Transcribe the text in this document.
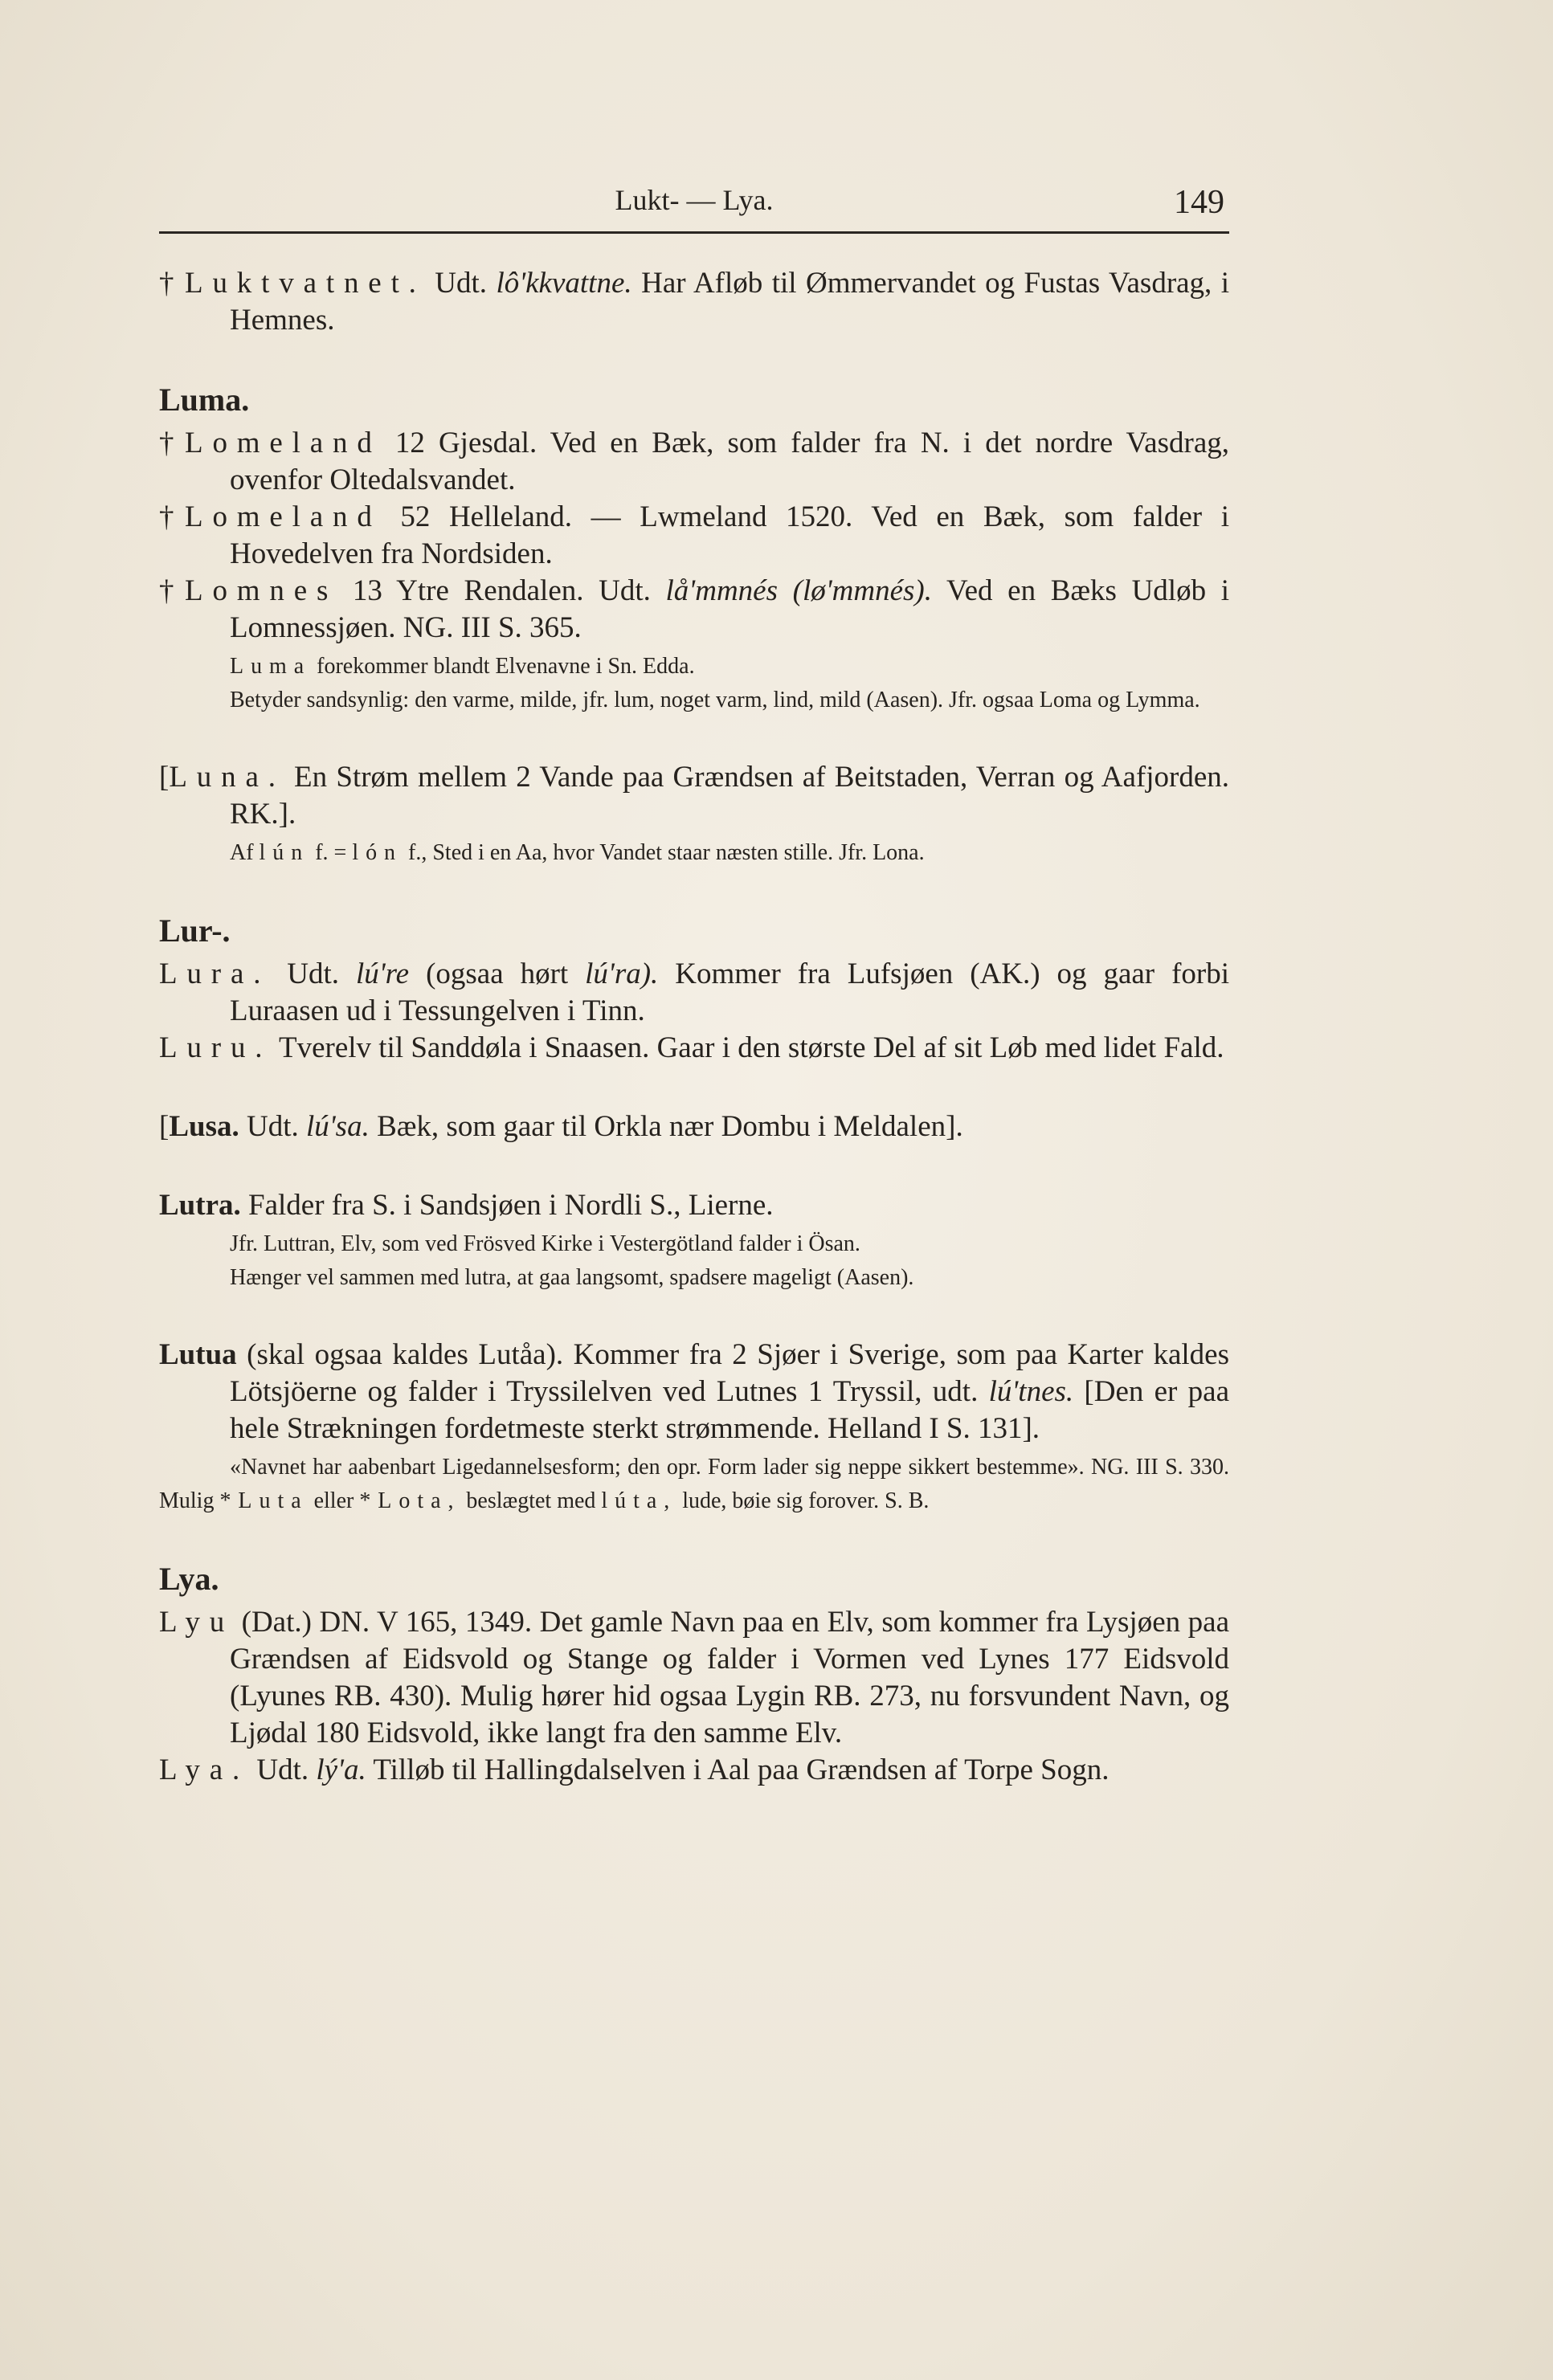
Lukt- — Lya.	149
† Luktvatnet. Udt. lô'kkvattne. Har Afløb til Ømmervandet og Fustas Vasdrag, i Hemnes.
Luma.
† Lomeland 12 Gjesdal. Ved en Bæk, som falder fra N. i det nordre Vasdrag, ovenfor Oltedalsvandet.
† Lomeland 52 Helleland. — Lwmeland 1520. Ved en Bæk, som falder i Hovedelven fra Nordsiden.
† Lomnes 13 Ytre Rendalen. Udt. lå'mmnés (lø'mmnés). Ved en Bæks Udløb i Lomnessjøen. NG. III S. 365.
Luma forekommer blandt Elvenavne i Sn. Edda.
Betyder sandsynlig: den varme, milde, jfr. lum, noget varm, lind, mild (Aasen). Jfr. ogsaa Loma og Lymma.
[Luna. En Strøm mellem 2 Vande paa Grændsen af Beitstaden, Verran og Aafjorden. RK.].
Af lún f. = lón f., Sted i en Aa, hvor Vandet staar næsten stille. Jfr. Lona.
Lur-.
Lura. Udt. lú're (ogsaa hørt lú'ra). Kommer fra Lufsjøen (AK.) og gaar forbi Luraasen ud i Tessungelven i Tinn.
Luru. Tverelv til Sanddøla i Snaasen. Gaar i den største Del af sit Løb med lidet Fald.
[Lusa. Udt. lú'sa. Bæk, som gaar til Orkla nær Dombu i Meldalen].
Lutra. Falder fra S. i Sandsjøen i Nordli S., Lierne.
Jfr. Luttran, Elv, som ved Frösved Kirke i Vestergötland falder i Ösan.
Hænger vel sammen med lutra, at gaa langsomt, spadsere mageligt (Aasen).
Lutua (skal ogsaa kaldes Lutåa). Kommer fra 2 Sjøer i Sverige, som paa Karter kaldes Lötsjöerne og falder i Tryssilelven ved Lutnes 1 Tryssil, udt. lú'tnes. [Den er paa hele Strækningen fordetmeste sterkt strømmende. Helland I S. 131].
«Navnet har aabenbart Ligedannelsesform; den opr. Form lader sig neppe sikkert bestemme». NG. III S. 330. Mulig *Luta eller *Lota, beslægtet med lúta, lude, bøie sig forover. S. B.
Lya.
Lyu (Dat.) DN. V 165, 1349. Det gamle Navn paa en Elv, som kommer fra Lysjøen paa Grændsen af Eidsvold og Stange og falder i Vormen ved Lynes 177 Eidsvold (Lyunes RB. 430). Mulig hører hid ogsaa Lygin RB. 273, nu forsvundent Navn, og Ljødal 180 Eidsvold, ikke langt fra den samme Elv.
Lya. Udt. lý'a. Tilløb til Hallingdalselven i Aal paa Grændsen af Torpe Sogn.
